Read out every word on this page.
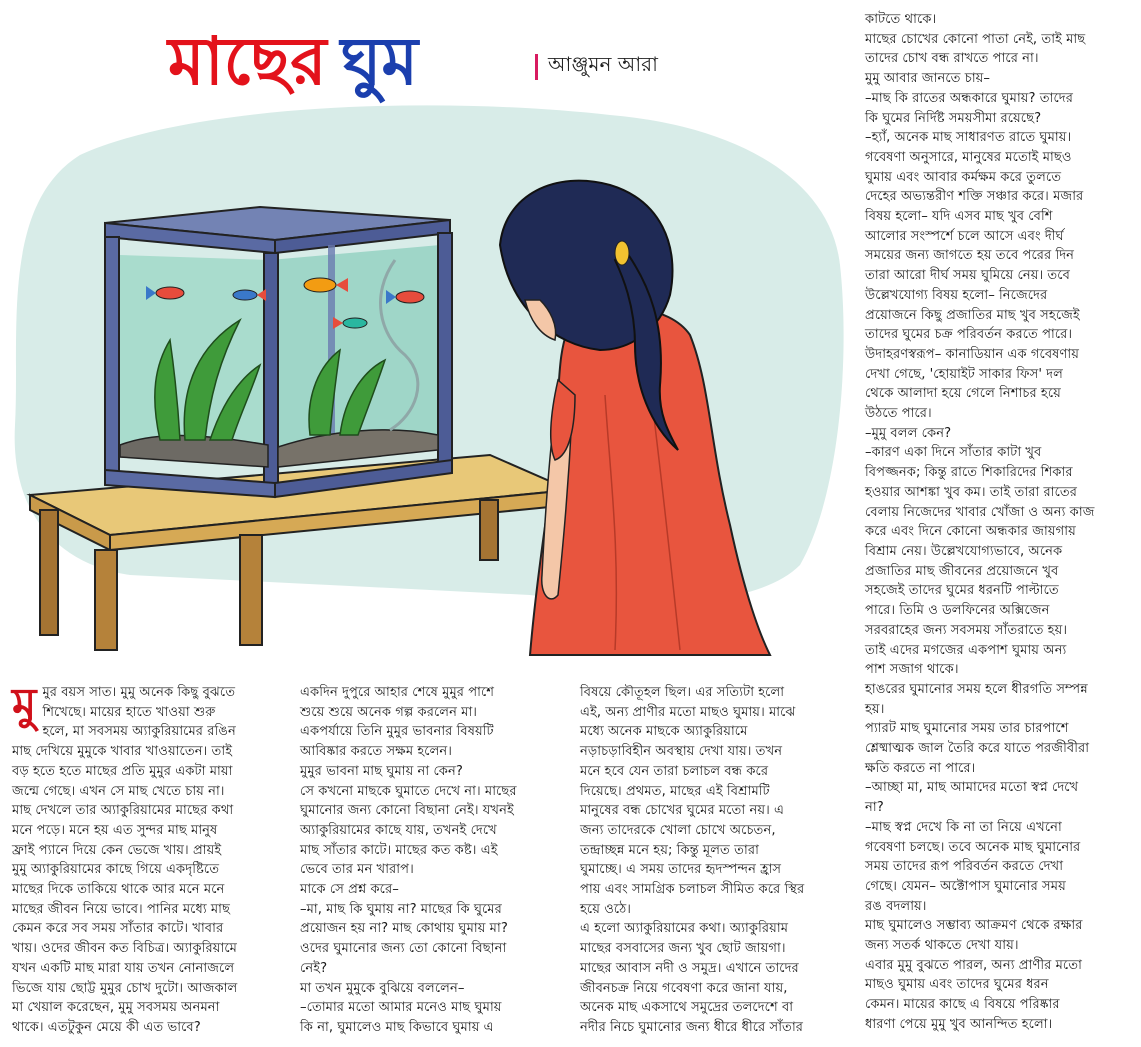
মাছের ঘুম	আঞ্জুমন আরা
মু মুর বয়স সাত। মুমু অনেক কিছু বুঝতে

শিখেছে। মায়ের হাতে খাওয়া শুরু

হলে, মা সবসময় অ্যাকুরিয়ামের রঙিন

মাছ দেখিয়ে মুমুকে খাবার খাওয়াতেন। তাই

বড় হতে হতে মাছের প্রতি মুমুর একটা মায়া

জন্মে গেছে। এখন সে মাছ খেতে চায় না।

মাছ দেখলে তার অ্যাকুরিয়ামের মাছের কথা

মনে পড়ে। মনে হয় এত সুন্দর মাছ মানুষ

ফ্রাই প্যানে দিয়ে কেন ভেজে খায়। প্রায়ই

মুমু অ্যাকুরিয়ামের কাছে গিয়ে একদৃষ্টিতে

মাছের দিকে তাকিয়ে থাকে আর মনে মনে

মাছের জীবন নিয়ে ভাবে। পানির মধ্যে মাছ

কেমন করে সব সময় সাঁতার কাটে। খাবার

খায়। ওদের জীবন কত বিচিত্র। অ্যাকুরিয়ামে

যখন একটি মাছ মারা যায় তখন নোনাজলে

ভিজে যায় ছোট্ট মুমুর চোখ দুটো। আজকাল

মা খেয়াল করেছেন, মুমু সবসময় অনমনা

থাকে। এতটুকুন মেয়ে কী এত ভাবে?

একদিন দুপুরে আহার শেষে মুমুর পাশে

শুয়ে শুয়ে অনেক গল্প করলেন মা।

একপর্যায়ে তিনি মুমুর ভাবনার বিষয়টি

আবিষ্কার করতে সক্ষম হলেন।

মুমুর ভাবনা মাছ ঘুমায় না কেন?

সে কখনো মাছকে ঘুমাতে দেখে না। মাছের

ঘুমানোর জন্য কোনো বিছানা নেই। যখনই

অ্যাকুরিয়ামের কাছে যায়, তখনই দেখে

মাছ সাঁতার কাটে। মাছের কত কষ্ট। এই

ভেবে তার মন খারাপ।

মাকে সে প্রশ্ন করে–

–মা, মাছ কি ঘুমায় না? মাছের কি ঘুমের

প্রয়োজন হয় না? মাছ কোথায় ঘুমায় মা?

ওদের ঘুমানোর জন্য তো কোনো বিছানা

নেই?

মা তখন মুমুকে বুঝিয়ে বললেন–

–তোমার মতো আমার মনেও মাছ ঘুমায়

কি না, ঘুমালেও মাছ কিভাবে ঘুমায় এ

বিষয়ে কৌতূহল ছিল। এর সত্যিটা হলো

এই, অন্য প্রাণীর মতো মাছও ঘুমায়। মাঝে

মধ্যে অনেক মাছকে অ্যাকুরিয়ামে

নড়াচড়াবিহীন অবস্থায় দেখা যায়। তখন

মনে হবে যেন তারা চলাচল বন্ধ করে

দিয়েছে। প্রথমত, মাছের এই বিশ্রামটি

মানুষের বন্ধ চোখের ঘুমের মতো নয়। এ

জন্য তাদেরকে খোলা চোখে অচেতন,

তন্দ্রাচ্ছন্ন মনে হয়; কিন্তু মূলত তারা

ঘুমাচ্ছে। এ সময় তাদের হৃদস্পন্দন হ্রাস

পায় এবং সামগ্রিক চলাচল সীমিত করে স্থির

হয়ে ওঠে।

এ হলো অ্যাকুরিয়ামের কথা। অ্যাকুরিয়াম

মাছের বসবাসের জন্য খুব ছোট জায়গা।

মাছের আবাস নদী ও সমুদ্র। এখানে তাদের

জীবনচক্র নিয়ে গবেষণা করে জানা যায়,

অনেক মাছ একসাথে সমুদ্রের তলদেশে বা

নদীর নিচে ঘুমানোর জন্য ধীরে ধীরে সাঁতার

কাটতে থাকে।

মাছের চোখের কোনো পাতা নেই, তাই মাছ

তাদের চোখ বন্ধ রাখতে পারে না।

মুমু আবার জানতে চায়–

–মাছ কি রাতের অন্ধকারে ঘুমায়? তাদের

কি ঘুমের নির্দিষ্ট সময়সীমা রয়েছে?

–হ্যাঁ, অনেক মাছ সাধারণত রাতে ঘুমায়।

গবেষণা অনুসারে, মানুষের মতোই মাছও

ঘুমায় এবং আবার কর্মক্ষম করে তুলতে

দেহের অভ্যন্তরীণ শক্তি সঞ্চার করে। মজার

বিষয় হলো– যদি এসব মাছ খুব বেশি

আলোর সংস্পর্শে চলে আসে এবং দীর্ঘ

সময়ের জন্য জাগতে হয় তবে পরের দিন

তারা আরো দীর্ঘ সময় ঘুমিয়ে নেয়। তবে

উল্লেখযোগ্য বিষয় হলো– নিজেদের

প্রয়োজনে কিছু প্রজাতির মাছ খুব সহজেই

তাদের ঘুমের চক্র পরিবর্তন করতে পারে।

উদাহরণস্বরূপ– কানাডিয়ান এক গবেষণায়

দেখা গেছে, 'হোয়াইট সাকার ফিস' দল

থেকে আলাদা হয়ে গেলে নিশাচর হয়ে

উঠতে পারে।

–মুমু বলল কেন?

–কারণ একা দিনে সাঁতার কাটা খুব

বিপজ্জনক; কিন্তু রাতে শিকারিদের শিকার

হওয়ার আশঙ্কা খুব কম। তাই তারা রাতের

বেলায় নিজেদের খাবার খোঁজা ও অন্য কাজ

করে এবং দিনে কোনো অন্ধকার জায়গায়

বিশ্রাম নেয়। উল্লেখযোগ্যভাবে, অনেক

প্রজাতির মাছ জীবনের প্রয়োজনে খুব

সহজেই তাদের ঘুমের ধরনটি পাল্টাতে

পারে। তিমি ও ডলফিনের অক্সিজেন

সরবরাহের জন্য সবসময় সাঁতরাতে হয়।

তাই এদের মগজের একপাশ ঘুমায় অন্য

পাশ সজাগ থাকে।

হাঙরের ঘুমানোর সময় হলে ধীরগতি সম্পন্ন

হয়।

প্যারট মাছ ঘুমানোর সময় তার চারপাশে

শ্লেষ্মাত্মক জাল তৈরি করে যাতে পরজীবীরা

ক্ষতি করতে না পারে।

–আচ্ছা মা, মাছ আমাদের মতো স্বপ্ন দেখে

না?

–মাছ স্বপ্ন দেখে কি না তা নিয়ে এখনো

গবেষণা চলছে। তবে অনেক মাছ ঘুমানোর

সময় তাদের রূপ পরিবর্তন করতে দেখা

গেছে। যেমন– অক্টোপাস ঘুমানোর সময়

রঙ বদলায়।

মাছ ঘুমালেও সম্ভাব্য আক্রমণ থেকে রক্ষার

জন্য সতর্ক থাকতে দেখা যায়।

এবার মুমু বুঝতে পারল, অন্য প্রাণীর মতো

মাছও ঘুমায় এবং তাদের ঘুমের ধরন

কেমন। মায়ের কাছে এ বিষয়ে পরিষ্কার

ধারণা পেয়ে মুমু খুব আনন্দিত হলো।
